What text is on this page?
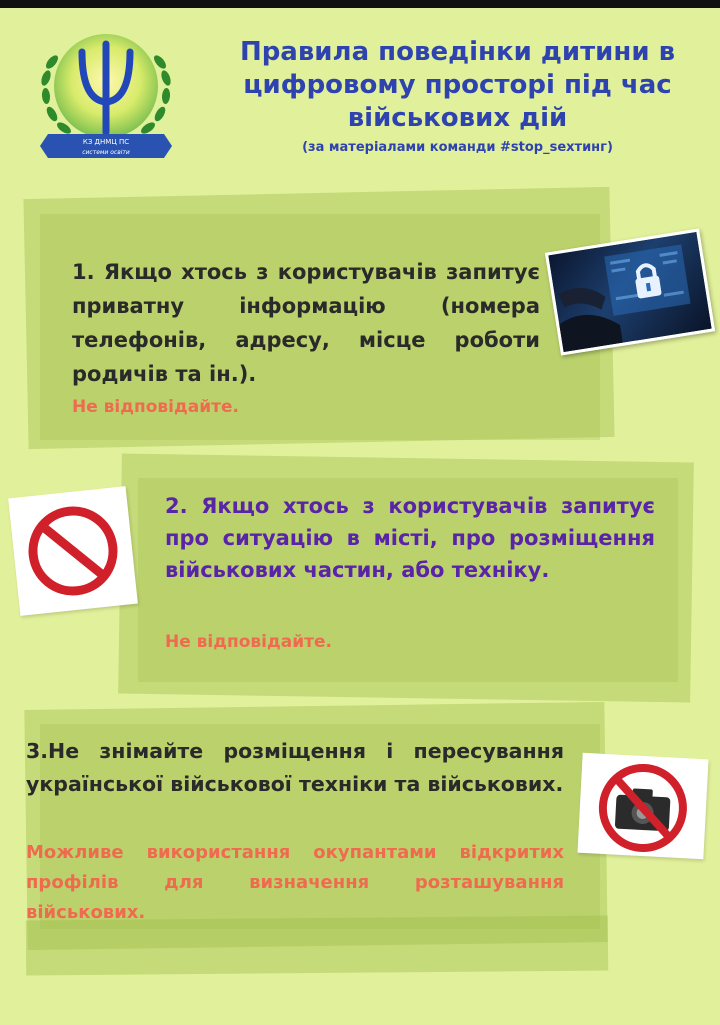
КЗ ДНМЦ ПС
системи освіти
Правила поведінки дитини в
цифровому просторі під час
військових дій
(за матеріалами команди #stop_sexтинг)
1. Якщо хтось з користувачів запитує приватну інформацію (номера телефонів, адресу, місце роботи родичів та ін.).
Не відповідайте.
2. Якщо хтось з користувачів запитує про ситуацію в місті, про розміщення військових частин, або техніку.
Не відповідайте.
3.Не знімайте розміщення і пересування української військової техніки та військових.
Можливе використання окупантами відкритих профілів для визначення розташування військових.
